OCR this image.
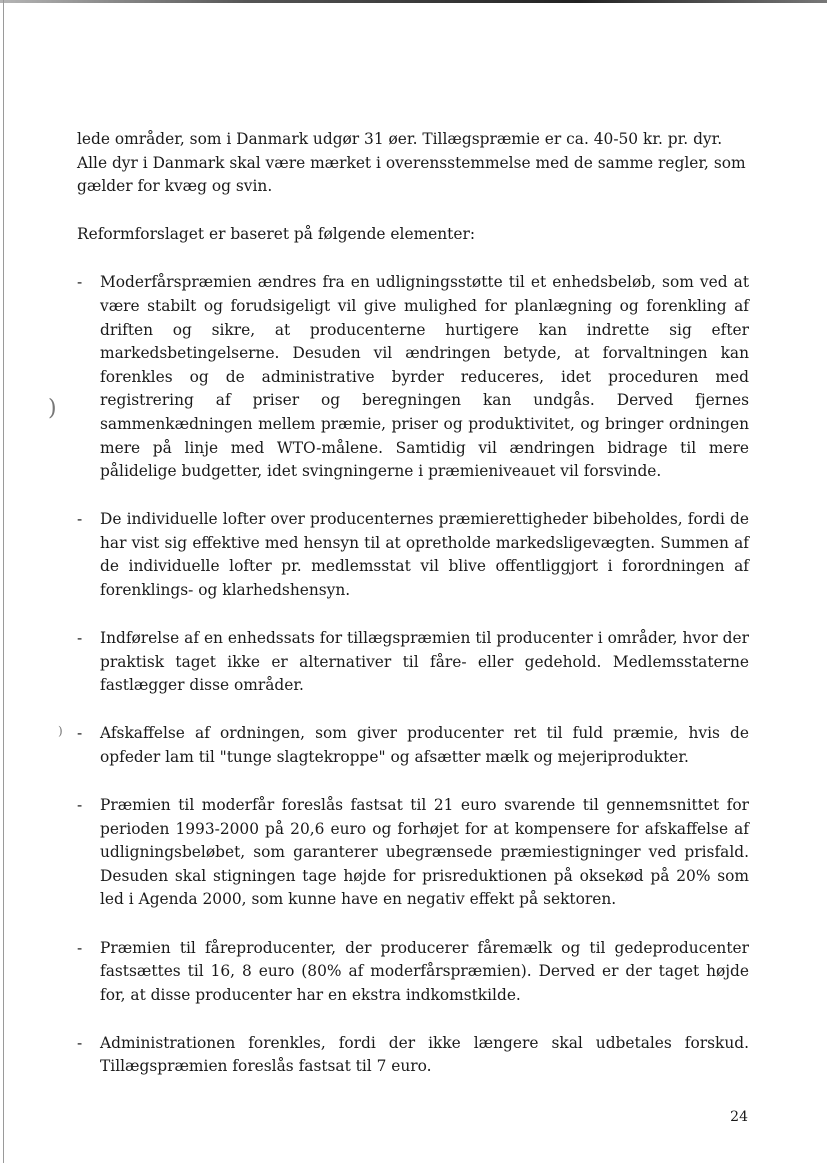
)
)

lede områder, som i Danmark udgør 31 øer. Tillægspræmie er ca. 40-50 kr. pr. dyr. Alle dyr i Danmark skal være mærket i overensstemmelse med de samme regler, som gælder for kvæg og svin.

Reformforslaget er baseret på følgende elementer:

- Moderfårspræmien ændres fra en udligningsstøtte til et enhedsbeløb, som ved at være stabilt og forudsigeligt vil give mulighed for planlægning og forenkling af driften og sikre, at producenterne hurtigere kan indrette sig efter markedsbetingelserne. Desuden vil ændringen betyde, at forvaltningen kan forenkles og de administrative byrder reduceres, idet proceduren med registrering af priser og beregningen kan undgås. Derved fjernes sammenkædningen mellem præmie, priser og produktivitet, og bringer ordningen mere på linje med WTO-målene. Samtidig vil ændringen bidrage til mere pålidelige budgetter, idet svingningerne i præmieniveauet vil forsvinde.
- De individuelle lofter over producenternes præmierettigheder bibeholdes, fordi de har vist sig effektive med hensyn til at opretholde markedsligevægten. Summen af de individuelle lofter pr. medlemsstat vil blive offentliggjort i forordningen af forenklings- og klarhedshensyn.
- Indførelse af en enhedssats for tillægspræmien til producenter i områder, hvor der praktisk taget ikke er alternativer til fåre- eller gedehold. Medlemsstaterne fastlægger disse områder.
- Afskaffelse af ordningen, som giver producenter ret til fuld præmie, hvis de opfeder lam til "tunge slagtekroppe" og afsætter mælk og mejeriprodukter.
- Præmien til moderfår foreslås fastsat til 21 euro svarende til gennemsnittet for perioden 1993-2000 på 20,6 euro og forhøjet for at kompensere for afskaffelse af udligningsbeløbet, som garanterer ubegrænsede præmiestigninger ved prisfald. Desuden skal stigningen tage højde for prisreduktionen på oksekød på 20% som led i Agenda 2000, som kunne have en negativ effekt på sektoren.
- Præmien til fåreproducenter, der producerer fåremælk og til gedeproducenter fastsættes til 16, 8 euro (80% af moderfårspræmien). Derved er der taget højde for, at disse producenter har en ekstra indkomstkilde.
- Administrationen forenkles, fordi der ikke længere skal udbetales forskud. Tillægspræmien foreslås fastsat til 7 euro.
24
